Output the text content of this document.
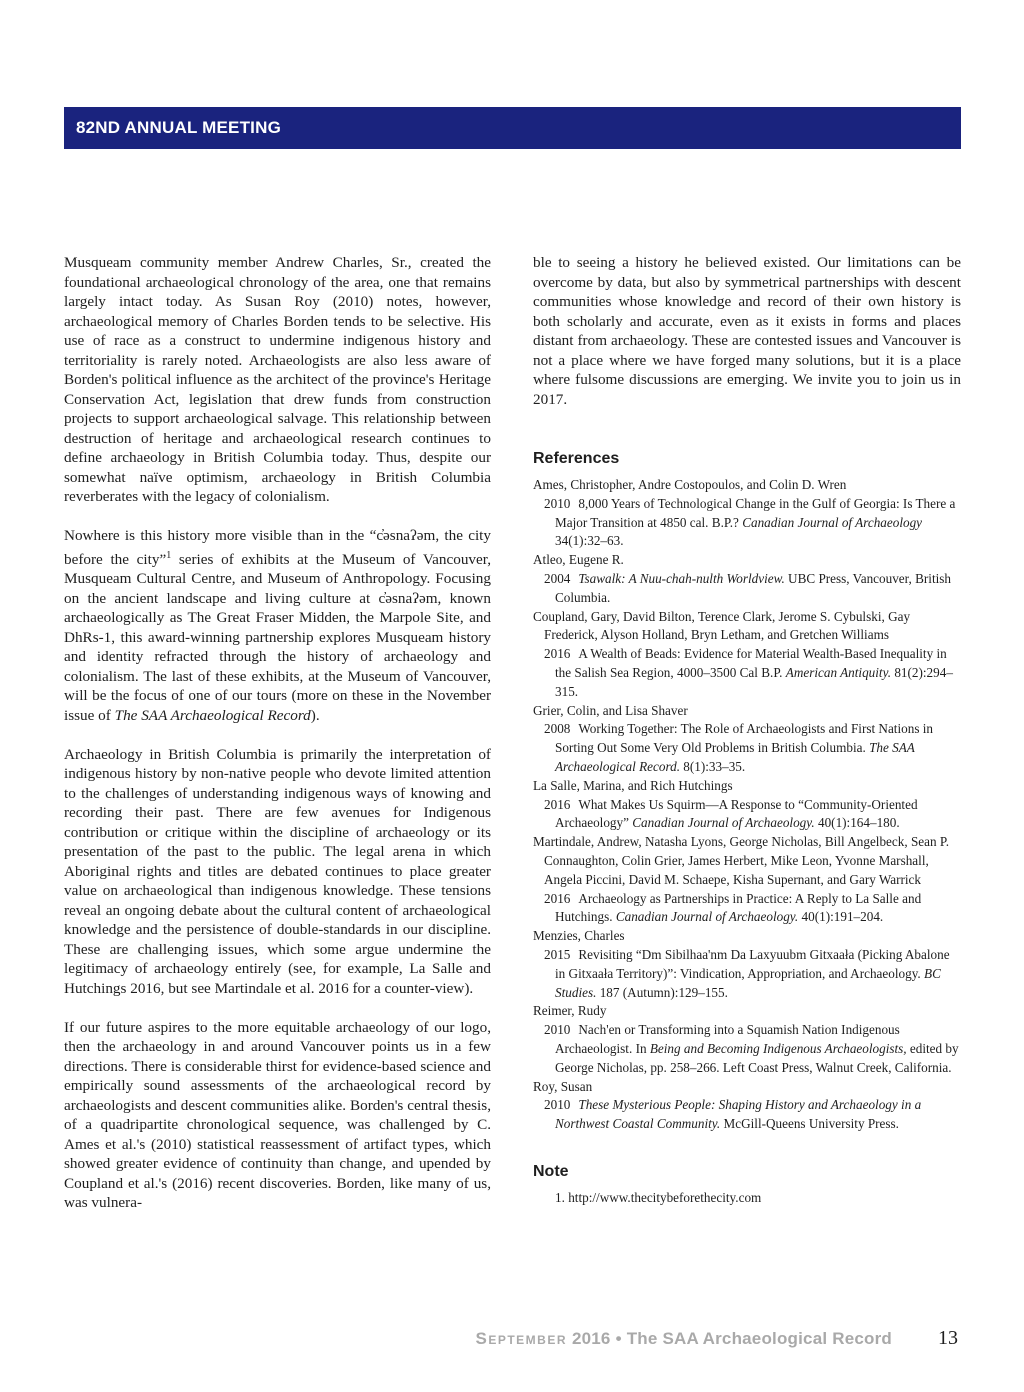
82ND ANNUAL MEETING

Musqueam community member Andrew Charles, Sr., created the foundational archaeological chronology of the area, one that remains largely intact today. As Susan Roy (2010) notes, however, archaeological memory of Charles Borden tends to be selective. His use of race as a construct to undermine indigenous history and territoriality is rarely noted. Archaeologists are also less aware of Borden's political influence as the architect of the province's Heritage Conservation Act, legislation that drew funds from construction projects to support archaeological salvage. This relationship between destruction of heritage and archaeological research continues to define archaeology in British Columbia today. Thus, despite our somewhat naïve optimism, archaeology in British Columbia reverberates with the legacy of colonialism.

Nowhere is this history more visible than in the “c̓əsnaʔəm, the city before the city”$^1$ series of exhibits at the Museum of Vancouver, Musqueam Cultural Centre, and Museum of Anthropology. Focusing on the ancient landscape and living culture at c̓əsnaʔəm, known archaeologically as The Great Fraser Midden, the Marpole Site, and DhRs-1, this award-winning partnership explores Musqueam history and identity refracted through the history of archaeology and colonialism. The last of these exhibits, at the Museum of Vancouver, will be the focus of one of our tours (more on these in the November issue of The SAA Archaeological Record).

Archaeology in British Columbia is primarily the interpretation of indigenous history by non-native people who devote limited attention to the challenges of understanding indigenous ways of knowing and recording their past. There are few avenues for Indigenous contribution or critique within the discipline of archaeology or its presentation of the past to the public. The legal arena in which Aboriginal rights and titles are debated continues to place greater value on archaeological than indigenous knowledge. These tensions reveal an ongoing debate about the cultural content of archaeological knowledge and the persistence of double-standards in our discipline. These are challenging issues, which some argue undermine the legitimacy of archaeology entirely (see, for example, La Salle and Hutchings 2016, but see Martindale et al. 2016 for a counter-view).

If our future aspires to the more equitable archaeology of our logo, then the archaeology in and around Vancouver points us in a few directions. There is considerable thirst for evidence-based science and empirically sound assessments of the archaeological record by archaeologists and descent communities alike. Borden's central thesis, of a quadripartite chronological sequence, was challenged by C. Ames et al.'s (2010) statistical reassessment of artifact types, which showed greater evidence of continuity than change, and upended by Coupland et al.'s (2016) recent discoveries. Borden, like many of us, was vulnera-

ble to seeing a history he believed existed. Our limitations can be overcome by data, but also by symmetrical partnerships with descent communities whose knowledge and record of their own history is both scholarly and accurate, even as it exists in forms and places distant from archaeology. These are contested issues and Vancouver is not a place where we have forged many solutions, but it is a place where fulsome discussions are emerging. We invite you to join us in 2017.

References
Ames, Christopher, Andre Costopoulos, and Colin D. Wren
2010 8,000 Years of Technological Change in the Gulf of Georgia: Is There a Major Transition at 4850 cal. B.P.? Canadian Journal of Archaeology 34(1):32–63.
Atleo, Eugene R.
2004 Tsawalk: A Nuu-chah-nulth Worldview. UBC Press, Vancouver, British Columbia.
Coupland, Gary, David Bilton, Terence Clark, Jerome S. Cybulski, Gay Frederick, Alyson Holland, Bryn Letham, and Gretchen Williams
2016 A Wealth of Beads: Evidence for Material Wealth-Based Inequality in the Salish Sea Region, 4000–3500 Cal B.P. American Antiquity. 81(2):294–315.
Grier, Colin, and Lisa Shaver
2008 Working Together: The Role of Archaeologists and First Nations in Sorting Out Some Very Old Problems in British Columbia. The SAA Archaeological Record. 8(1):33–35.
La Salle, Marina, and Rich Hutchings
2016 What Makes Us Squirm—A Response to “Community-Oriented Archaeology” Canadian Journal of Archaeology. 40(1):164–180.
Martindale, Andrew, Natasha Lyons, George Nicholas, Bill Angelbeck, Sean P. Connaughton, Colin Grier, James Herbert, Mike Leon, Yvonne Marshall, Angela Piccini, David M. Schaepe, Kisha Supernant, and Gary Warrick
2016 Archaeology as Partnerships in Practice: A Reply to La Salle and Hutchings. Canadian Journal of Archaeology. 40(1):191–204.
Menzies, Charles
2015 Revisiting “Dm Sibilhaa'nm Da Laxyuubm Gitxaała (Picking Abalone in Gitxaała Territory)”: Vindication, Appropriation, and Archaeology. BC Studies. 187 (Autumn):129–155.
Reimer, Rudy
2010 Nach'en or Transforming into a Squamish Nation Indigenous Archaeologist. In Being and Becoming Indigenous Archaeologists, edited by George Nicholas, pp. 258–266. Left Coast Press, Walnut Creek, California.
Roy, Susan
2010 These Mysterious People: Shaping History and Archaeology in a Northwest Coastal Community. McGill-Queens University Press.
Note
1. http://www.thecitybeforethecity.com
September 2016 • The SAA Archaeological Record 13
